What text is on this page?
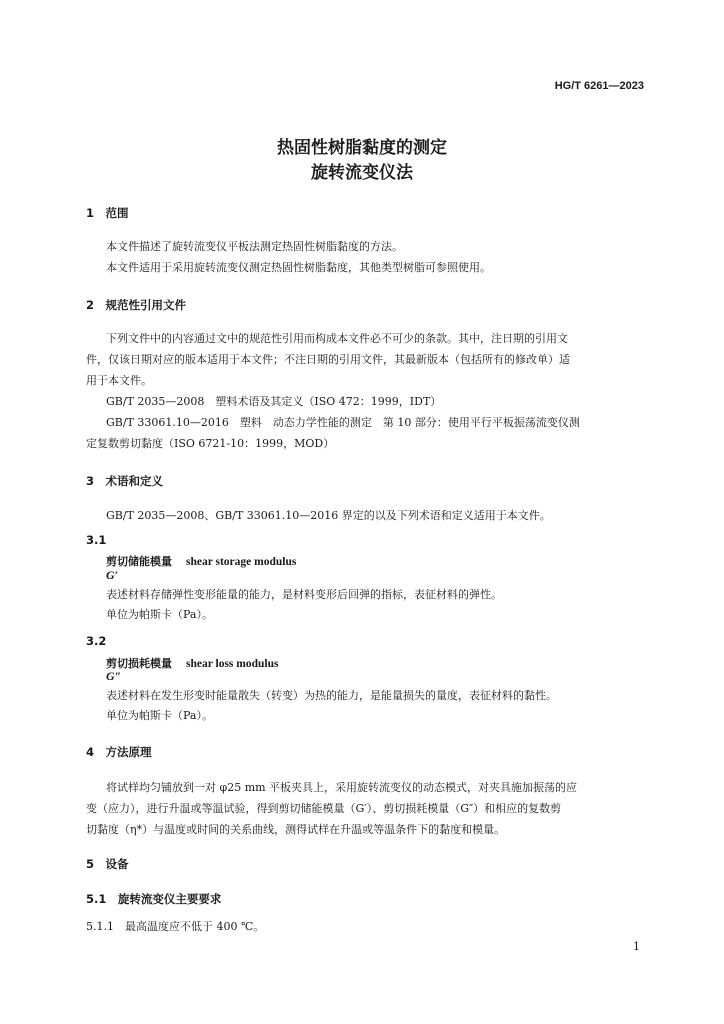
HG/T 6261—2023
热固性树脂黏度的测定
旋转流变仪法
1　范围
本文件描述了旋转流变仪平板法测定热固性树脂黏度的方法。
本文件适用于采用旋转流变仪测定热固性树脂黏度，其他类型树脂可参照使用。
2　规范性引用文件
下列文件中的内容通过文中的规范性引用而构成本文件必不可少的条款。其中，注日期的引用文
件，仅该日期对应的版本适用于本文件；不注日期的引用文件，其最新版本（包括所有的修改单）适
用于本文件。
GB/T 2035—2008　塑料术语及其定义（ISO 472：1999，IDT）
GB/T 33061.10—2016　塑料　动态力学性能的测定　第 10 部分：使用平行平板振荡流变仪测
定复数剪切黏度（ISO 6721-10：1999，MOD）
3　术语和定义
GB/T 2035—2008、GB/T 33061.10—2016 界定的以及下列术语和定义适用于本文件。
3.1
剪切储能模量 shear storage modulus
G′
表述材料存储弹性变形能量的能力，是材料变形后回弹的指标，表征材料的弹性。
单位为帕斯卡（Pa）。
3.2
剪切损耗模量 shear loss modulus
G″
表述材料在发生形变时能量散失（转变）为热的能力，是能量损失的量度，表征材料的黏性。
单位为帕斯卡（Pa）。
4　方法原理
将试样均匀铺放到一对 φ25 mm 平板夹具上，采用旋转流变仪的动态模式，对夹具施加振荡的应
变（应力），进行升温或等温试验，得到剪切储能模量（G′）、剪切损耗模量（G″）和相应的复数剪
切黏度（η*）与温度或时间的关系曲线，测得试样在升温或等温条件下的黏度和模量。
5　设备
5.1　旋转流变仪主要要求
5.1.1　最高温度应不低于 400 ℃。
1
